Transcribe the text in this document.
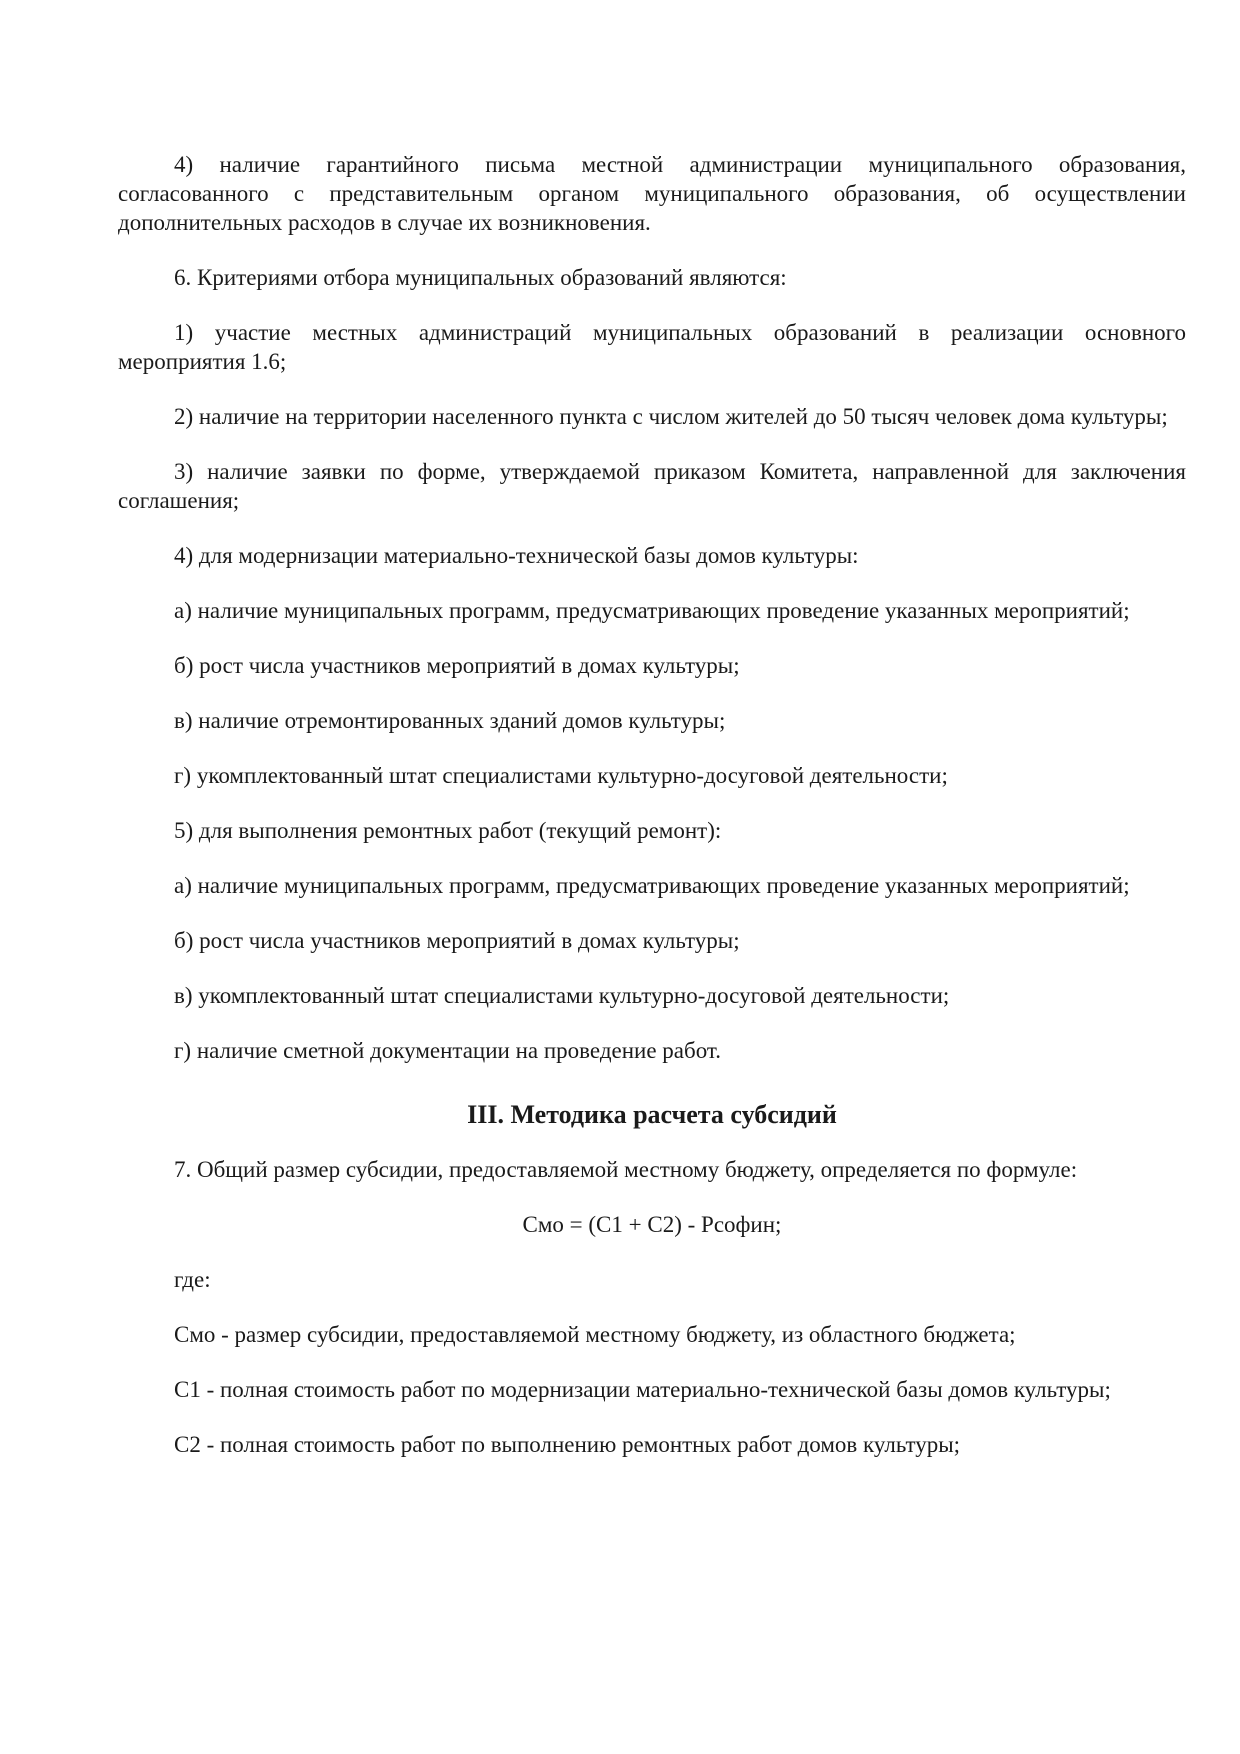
4) наличие гарантийного письма местной администрации муниципального образования, согласованного с представительным органом муниципального образования, об осуществлении дополнительных расходов в случае их возникновения.

6. Критериями отбора муниципальных образований являются:

1) участие местных администраций муниципальных образований в реализации основного мероприятия 1.6;

2) наличие на территории населенного пункта с числом жителей до 50 тысяч человек дома культуры;

3) наличие заявки по форме, утверждаемой приказом Комитета, направленной для заключения соглашения;

4) для модернизации материально-технической базы домов культуры:

а) наличие муниципальных программ, предусматривающих проведение указанных мероприятий;

б) рост числа участников мероприятий в домах культуры;

в) наличие отремонтированных зданий домов культуры;

г) укомплектованный штат специалистами культурно-досуговой деятельности;

5) для выполнения ремонтных работ (текущий ремонт):

а) наличие муниципальных программ, предусматривающих проведение указанных мероприятий;

б) рост числа участников мероприятий в домах культуры;

в) укомплектованный штат специалистами культурно-досуговой деятельности;

г) наличие сметной документации на проведение работ.

III. Методика расчета субсидий

7. Общий размер субсидии, предоставляемой местному бюджету, определяется по формуле:

Смо = (С1 + С2) - Рсофин;

где:

Смо - размер субсидии, предоставляемой местному бюджету, из областного бюджета;

С1 - полная стоимость работ по модернизации материально-технической базы домов культуры;

С2 - полная стоимость работ по выполнению ремонтных работ домов культуры;
